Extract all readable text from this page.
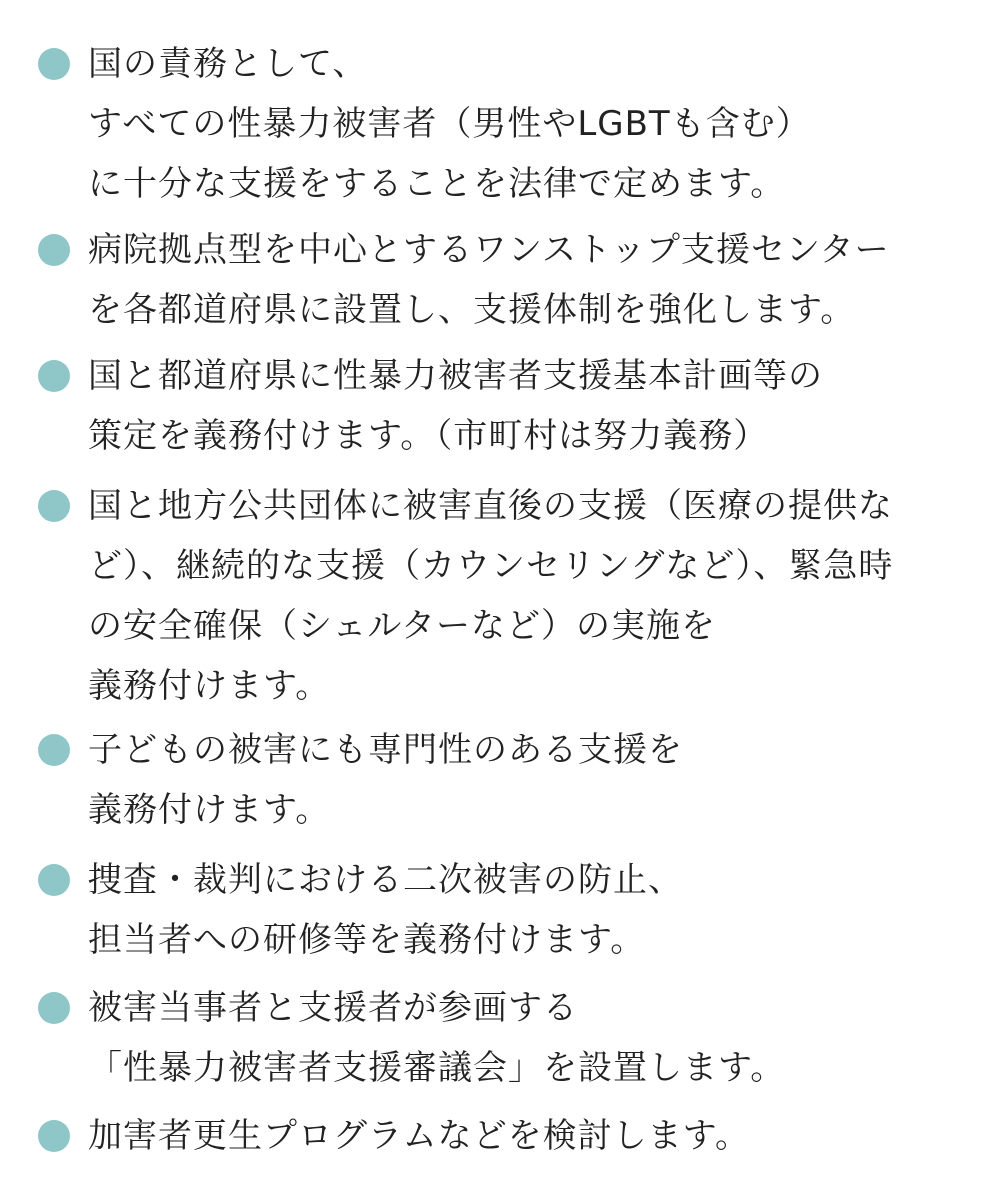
国の責務として、
すべての性暴力被害者（男性やLGBTも含む）
に十分な支援をすることを法律で定めます。
病院拠点型を中心とするワンストップ支援センター
を各都道府県に設置し、支援体制を強化します。
国と都道府県に性暴力被害者支援基本計画等の
策定を義務付けます。（市町村は努力義務）
国と地方公共団体に被害直後の支援（医療の提供な
ど）、継続的な支援（カウンセリングなど）、緊急時
の安全確保（シェルターなど）の実施を
義務付けます。
子どもの被害にも専門性のある支援を
義務付けます。
捜査・裁判における二次被害の防止、
担当者への研修等を義務付けます。
被害当事者と支援者が参画する
「性暴力被害者支援審議会」を設置します。
加害者更生プログラムなどを検討します。
